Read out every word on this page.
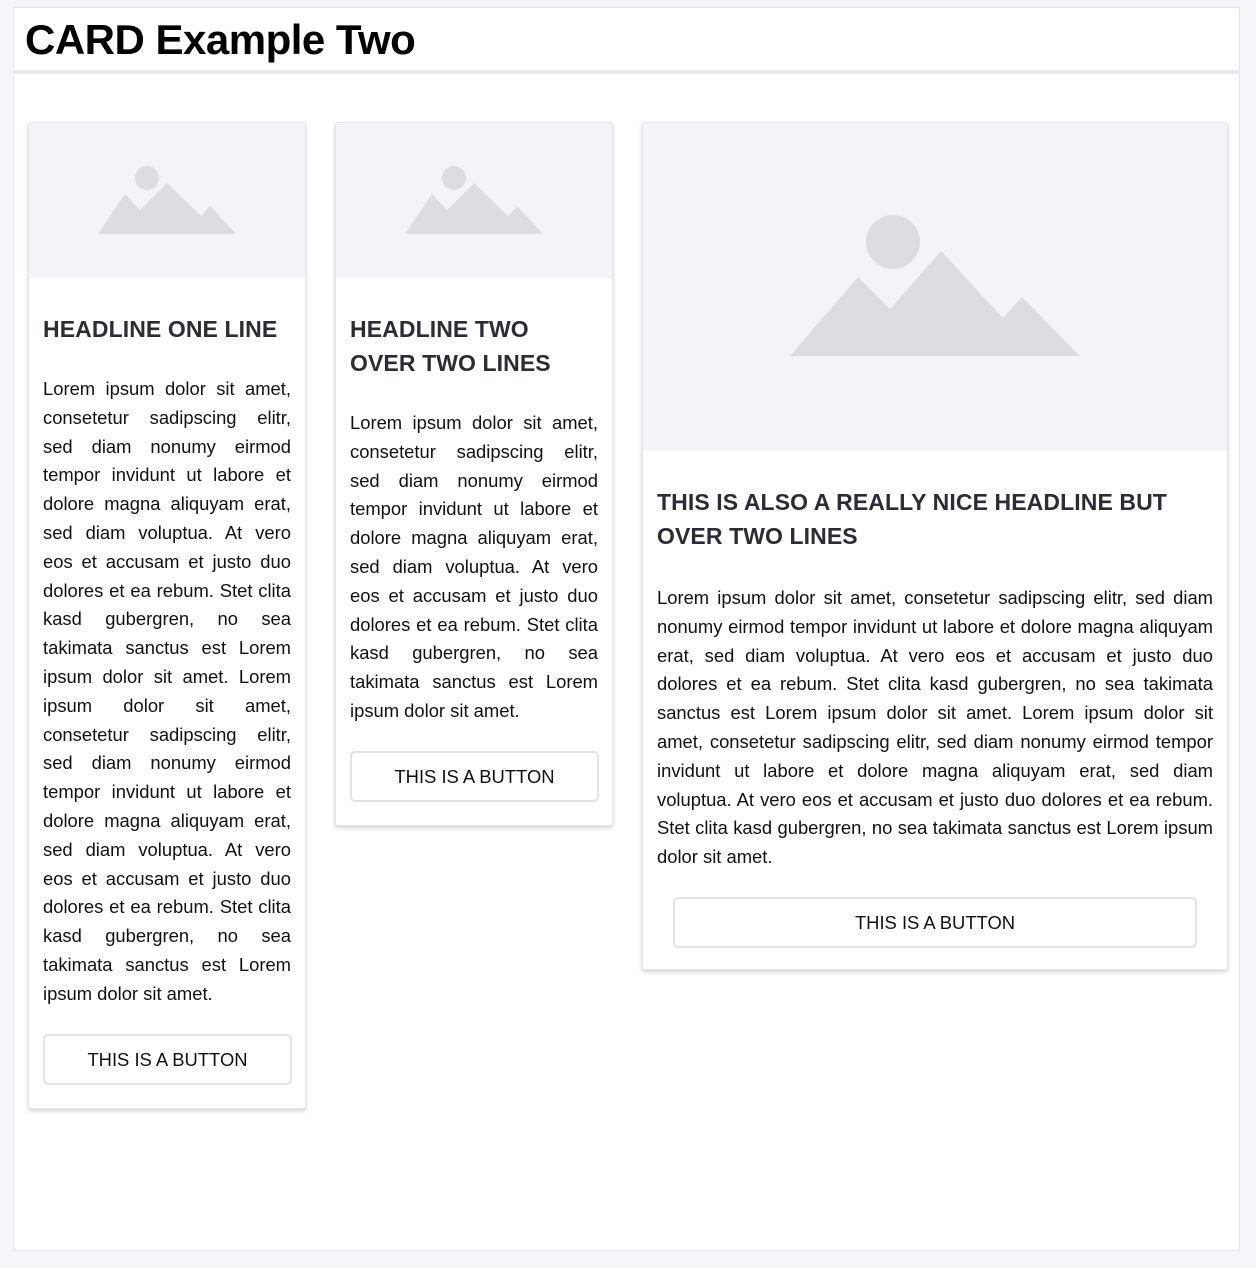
CARD Example Two
HEADLINE ONE LINE

Lorem ipsum dolor sit amet, consetetur sadipscing elitr, sed diam nonumy eirmod tempor invidunt ut labore et dolore magna aliquyam erat, sed diam voluptua. At vero eos et accusam et justo duo dolores et ea rebum. Stet clita kasd gubergren, no sea takimata sanctus est Lorem ipsum dolor sit amet. Lorem ipsum dolor sit amet, consetetur sadipscing elitr, sed diam nonumy eirmod tempor invidunt ut labore et dolore magna aliquyam erat, sed diam voluptua. At vero eos et accusam et justo duo dolores et ea rebum. Stet clita kasd gubergren, no sea takimata sanctus est Lorem ipsum dolor sit amet.

THIS IS A BUTTON
HEADLINE TWO OVER TWO LINES

Lorem ipsum dolor sit amet, consetetur sadipscing elitr, sed diam nonumy eirmod tempor invidunt ut labore et dolore magna aliquyam erat, sed diam voluptua. At vero eos et accusam et justo duo dolores et ea rebum. Stet clita kasd gubergren, no sea takimata sanctus est Lorem ipsum dolor sit amet.

THIS IS A BUTTON
THIS IS ALSO A REALLY NICE HEADLINE BUT OVER TWO LINES

Lorem ipsum dolor sit amet, consetetur sadipscing elitr, sed diam nonumy eirmod tempor invidunt ut labore et dolore magna aliquyam erat, sed diam voluptua. At vero eos et accusam et justo duo dolores et ea rebum. Stet clita kasd gubergren, no sea takimata sanctus est Lorem ipsum dolor sit amet. Lorem ipsum dolor sit amet, consetetur sadipscing elitr, sed diam nonumy eirmod tempor invidunt ut labore et dolore magna aliquyam erat, sed diam voluptua. At vero eos et accusam et justo duo dolores et ea rebum. Stet clita kasd gubergren, no sea takimata sanctus est Lorem ipsum dolor sit amet.

THIS IS A BUTTON
